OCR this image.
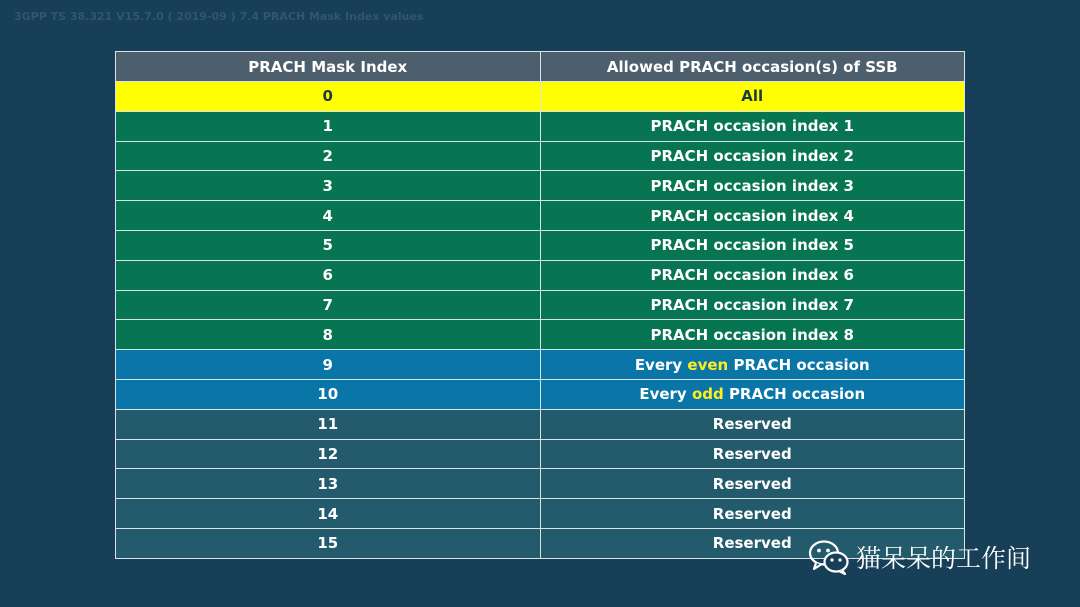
3GPP TS 38.321 V15.7.0 ( 2019-09 ) 7.4 PRACH Mask Index values
PRACH Mask Index	Allowed PRACH occasion(s) of SSB
0	All
1	PRACH occasion index 1
2	PRACH occasion index 2
3	PRACH occasion index 3
4	PRACH occasion index 4
5	PRACH occasion index 5
6	PRACH occasion index 6
7	PRACH occasion index 7
8	PRACH occasion index 8
9	Every even PRACH occasion
10	Every odd PRACH occasion
11	Reserved
12	Reserved
13	Reserved
14	Reserved
15	Reserved
猫呆呆的工作间
